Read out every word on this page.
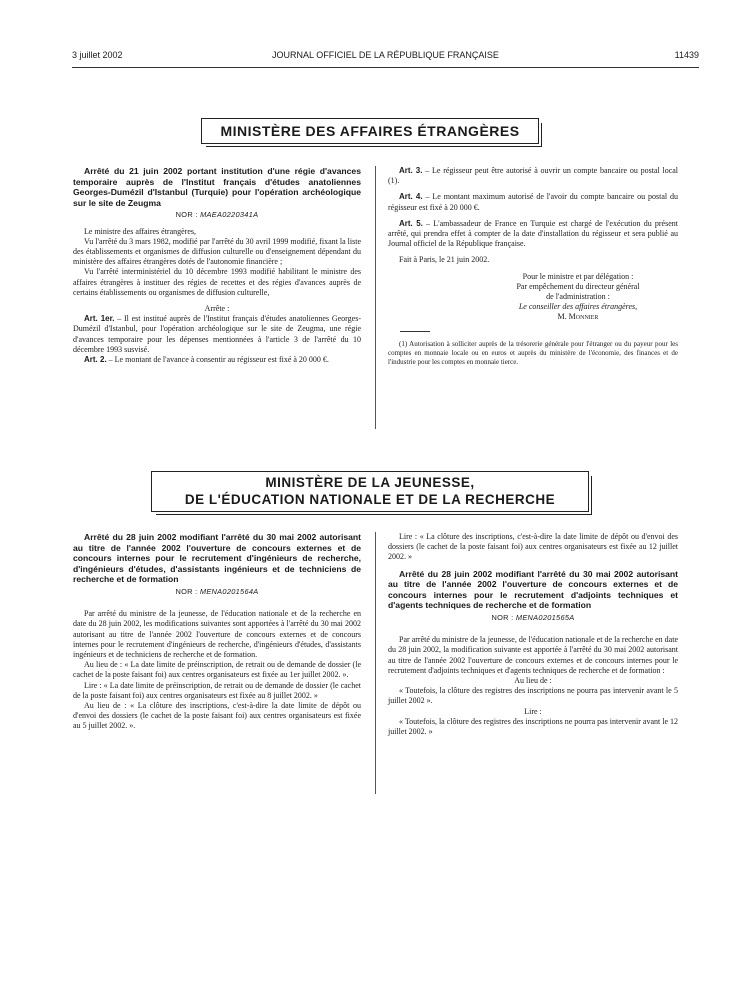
3 juillet 2002	JOURNAL OFFICIEL DE LA RÉPUBLIQUE FRANÇAISE	11439
MINISTÈRE DES AFFAIRES ÉTRANGÈRES

Arrêté du 21 juin 2002 portant institution d'une régie d'avances temporaire auprès de l'Institut français d'études anatoliennes Georges-Dumézil d'Istanbul (Turquie) pour l'opération archéologique sur le site de Zeugma

NOR : MAEA0220341A

Le ministre des affaires étrangères,

Vu l'arrêté du 3 mars 1982, modifié par l'arrêté du 30 avril 1999 modifié, fixant la liste des établissements et organismes de diffusion culturelle ou d'enseignement dépendant du ministère des affaires étrangères dotés de l'autonomie financière ;

Vu l'arrêté interministériel du 10 décembre 1993 modifié habilitant le ministre des affaires étrangères à instituer des régies de recettes et des régies d'avances auprès de certains établissements ou organismes de diffusion culturelle,

Arrête :

Art. 1er. – Il est institué auprès de l'Institut français d'études anatoliennes Georges-Dumézil d'Istanbul, pour l'opération archéologique sur le site de Zeugma, une régie d'avances temporaire pour les dépenses mentionnées à l'article 3 de l'arrêté du 10 décembre 1993 susvisé.

Art. 2. – Le montant de l'avance à consentir au régisseur est fixé à 20 000 €.

Art. 3. – Le régisseur peut être autorisé à ouvrir un compte bancaire ou postal local (1).

Art. 4. – Le montant maximum autorisé de l'avoir du compte bancaire ou postal du régisseur est fixé à 20 000 €.

Art. 5. – L'ambassadeur de France en Turquie est chargé de l'exécution du présent arrêté, qui prendra effet à compter de la date d'installation du régisseur et sera publié au Journal officiel de la République française.

Fait à Paris, le 21 juin 2002.

Pour le ministre et par délégation :
Par empêchement du directeur général
de l'administration :
Le conseiller des affaires étrangères,
M. Monnier

(1) Autorisation à solliciter auprès de la trésorerie générale pour l'étranger ou du payeur pour les comptes en monnaie locale ou en euros et auprès du ministère de l'économie, des finances et de l'industrie pour les comptes en monnaie tierce.

MINISTÈRE DE LA JEUNESSE,
DE L'ÉDUCATION NATIONALE ET DE LA RECHERCHE

Arrêté du 28 juin 2002 modifiant l'arrêté du 30 mai 2002 autorisant au titre de l'année 2002 l'ouverture de concours externes et de concours internes pour le recrutement d'ingénieurs de recherche, d'ingénieurs d'études, d'assistants ingénieurs et de techniciens de recherche et de formation

NOR : MENA0201564A

Par arrêté du ministre de la jeunesse, de l'éducation nationale et de la recherche en date du 28 juin 2002, les modifications suivantes sont apportées à l'arrêté du 30 mai 2002 autorisant au titre de l'année 2002 l'ouverture de concours externes et de concours internes pour le recrutement d'ingénieurs de recherche, d'ingénieurs d'études, d'assistants ingénieurs et de techniciens de recherche et de formation.

Au lieu de : « La date limite de préinscription, de retrait ou de demande de dossier (le cachet de la poste faisant foi) aux centres organisateurs est fixée au 1er juillet 2002. ».

Lire : « La date limite de préinscription, de retrait ou de demande de dossier (le cachet de la poste faisant foi) aux centres organisateurs est fixée au 8 juillet 2002. »

Au lieu de : « La clôture des inscriptions, c'est-à-dire la date limite de dépôt ou d'envoi des dossiers (le cachet de la poste faisant foi) aux centres organisateurs est fixée au 5 juillet 2002. ».

Lire : « La clôture des inscriptions, c'est-à-dire la date limite de dépôt ou d'envoi des dossiers (le cachet de la poste faisant foi) aux centres organisateurs est fixée au 12 juillet 2002. »

Arrêté du 28 juin 2002 modifiant l'arrêté du 30 mai 2002 autorisant au titre de l'année 2002 l'ouverture de concours externes et de concours internes pour le recrutement d'adjoints techniques et d'agents techniques de recherche et de formation

NOR : MENA0201565A

Par arrêté du ministre de la jeunesse, de l'éducation nationale et de la recherche en date du 28 juin 2002, la modification suivante est apportée à l'arrêté du 30 mai 2002 autorisant au titre de l'année 2002 l'ouverture de concours externes et de concours internes pour le recrutement d'adjoints techniques et d'agents techniques de recherche et de formation :

Au lieu de :

« Toutefois, la clôture des registres des inscriptions ne pourra pas intervenir avant le 5 juillet 2002 ».

Lire :

« Toutefois, la clôture des registres des inscriptions ne pourra pas intervenir avant le 12 juillet 2002. »
